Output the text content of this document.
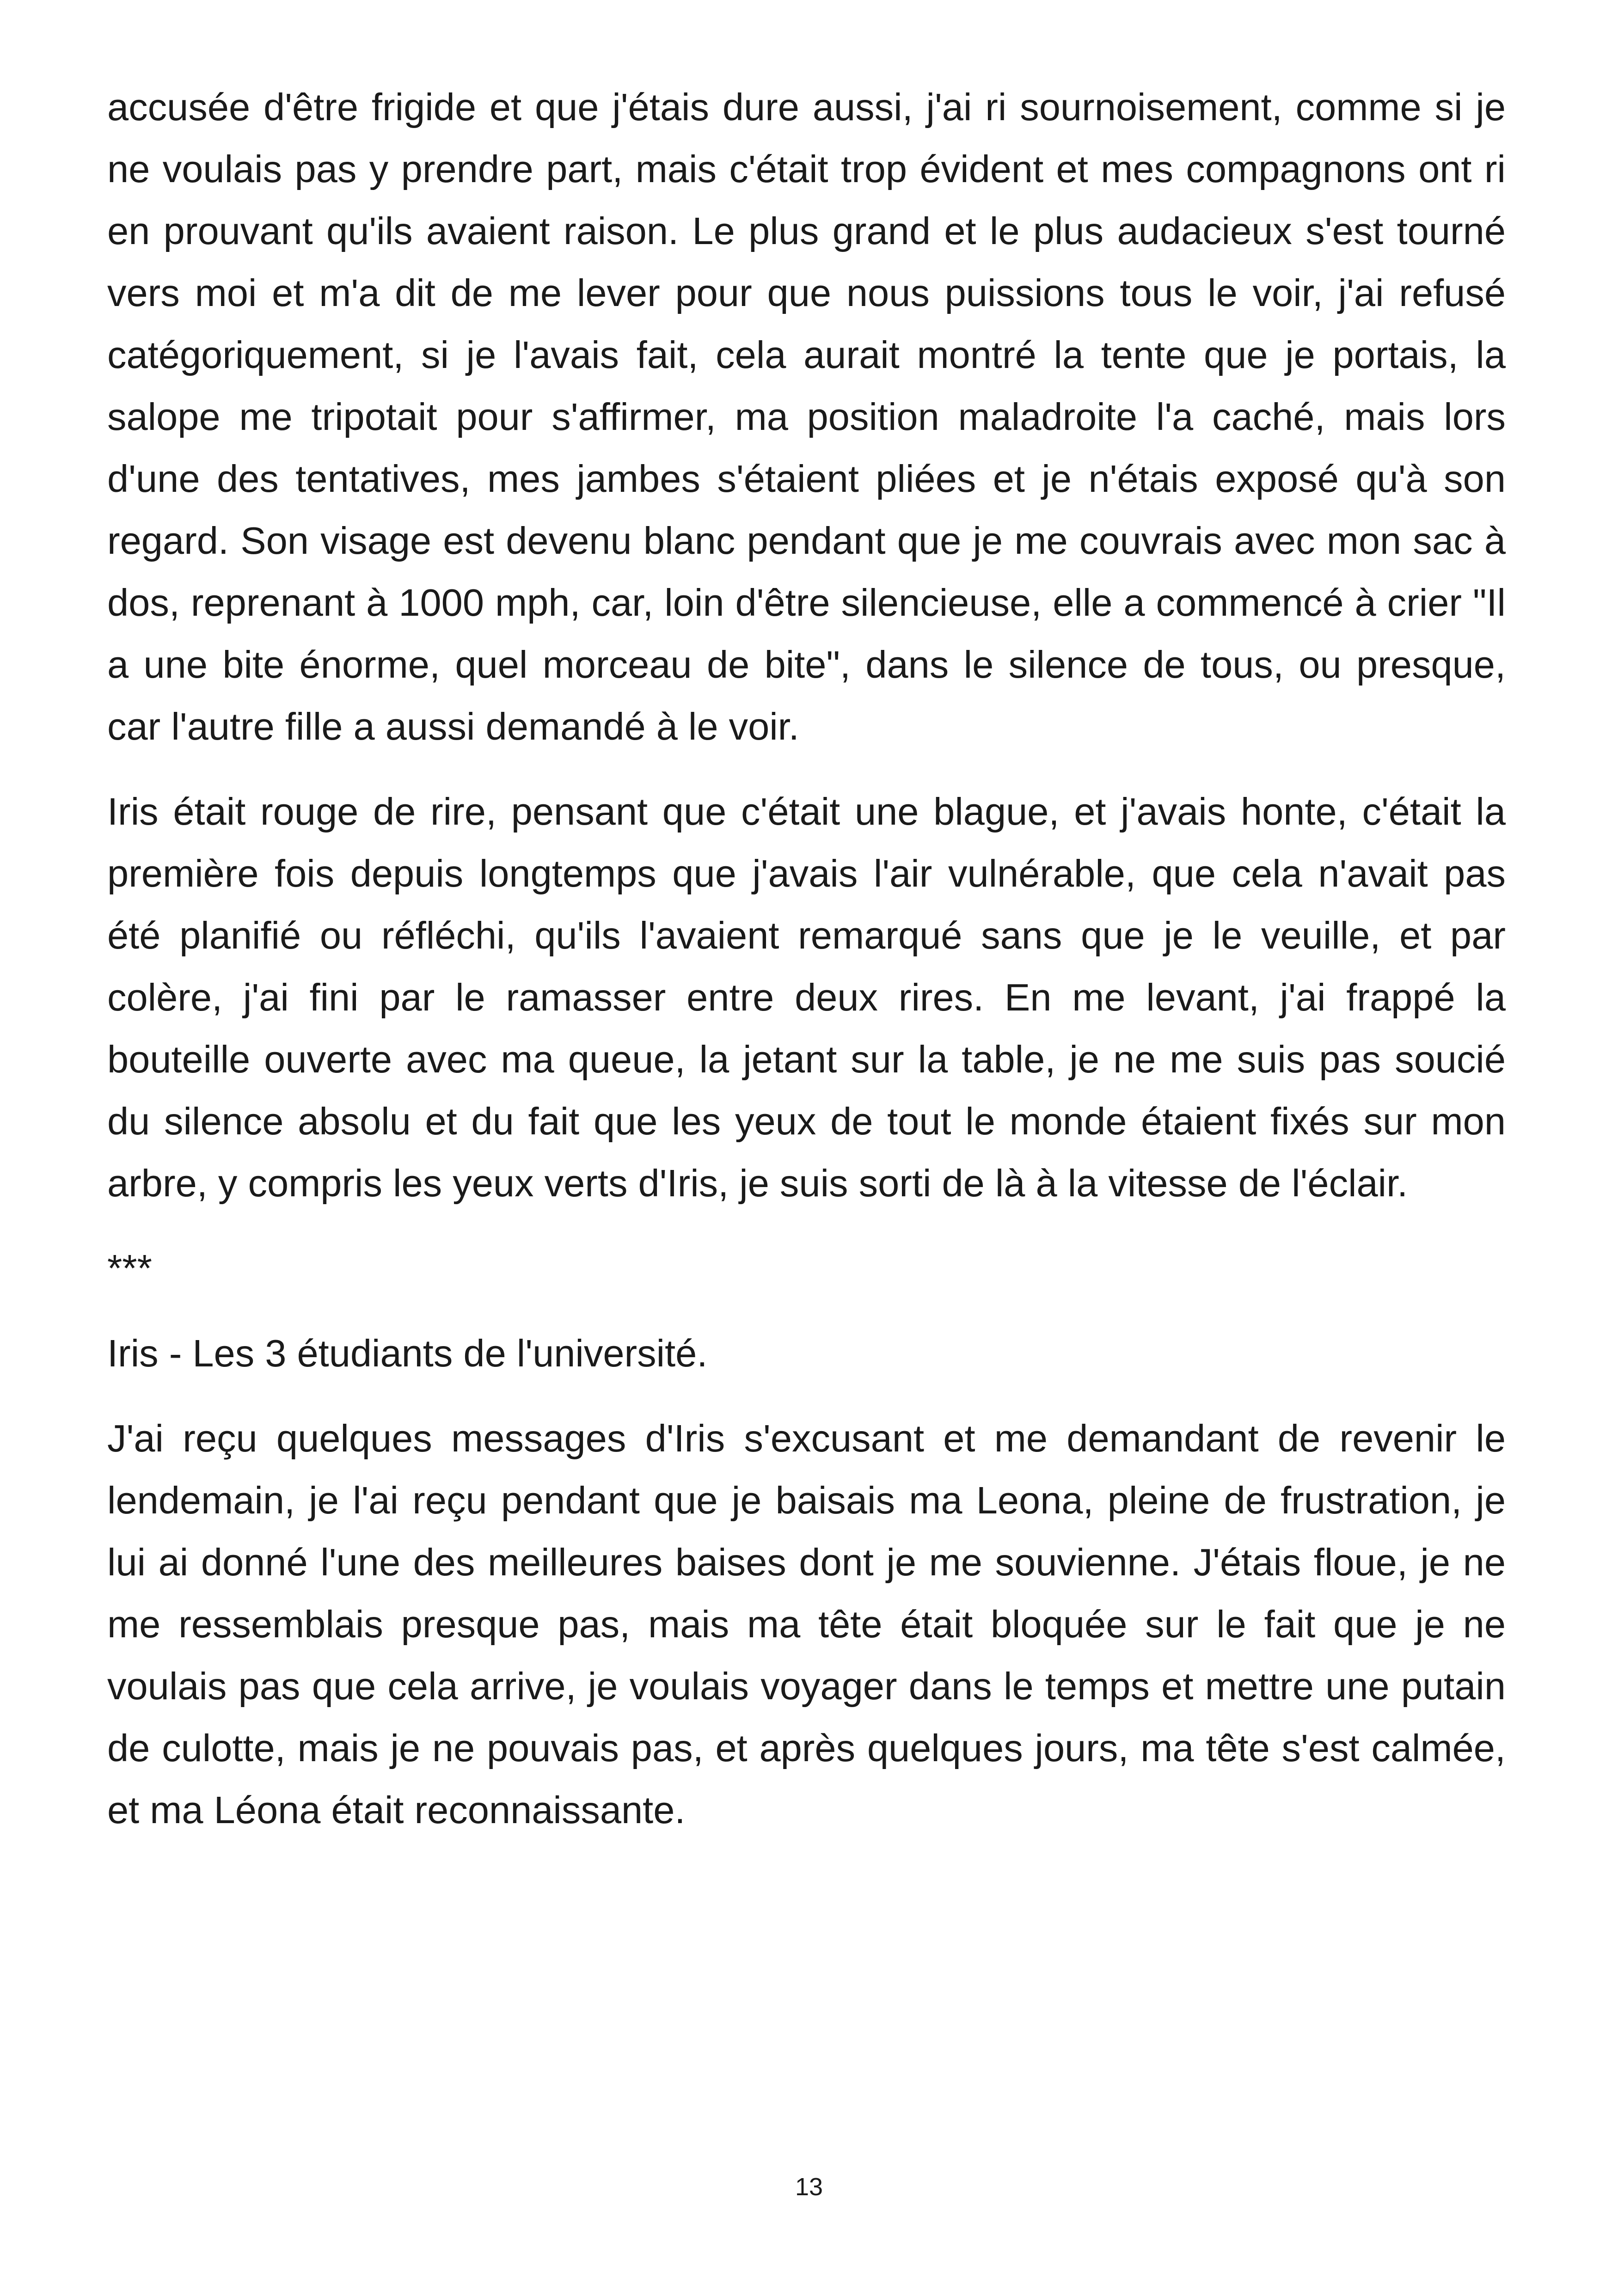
accusée d'être frigide et que j'étais dure aussi, j'ai ri sournoisement, comme si je ne voulais pas y prendre part, mais c'était trop évident et mes compagnons ont ri en prouvant qu'ils avaient raison. Le plus grand et le plus audacieux s'est tourné vers moi et m'a dit de me lever pour que nous puissions tous le voir, j'ai refusé catégoriquement, si je l'avais fait, cela aurait montré la tente que je portais, la salope me tripotait pour s'affirmer, ma position maladroite l'a caché, mais lors d'une des tentatives, mes jambes s'étaient pliées et je n'étais exposé qu'à son regard. Son visage est devenu blanc pendant que je me couvrais avec mon sac à dos, reprenant à 1000 mph, car, loin d'être silencieuse, elle a commencé à crier "Il a une bite énorme, quel morceau de bite", dans le silence de tous, ou presque, car l'autre fille a aussi demandé à le voir.

Iris était rouge de rire, pensant que c'était une blague, et j'avais honte, c'était la première fois depuis longtemps que j'avais l'air vulnérable, que cela n'avait pas été planifié ou réfléchi, qu'ils l'avaient remarqué sans que je le veuille, et par colère, j'ai fini par le ramasser entre deux rires. En me levant, j'ai frappé la bouteille ouverte avec ma queue, la jetant sur la table, je ne me suis pas soucié du silence absolu et du fait que les yeux de tout le monde étaient fixés sur mon arbre, y compris les yeux verts d'Iris, je suis sorti de là à la vitesse de l'éclair.

***

Iris - Les 3 étudiants de l'université.

J'ai reçu quelques messages d'Iris s'excusant et me demandant de revenir le lendemain, je l'ai reçu pendant que je baisais ma Leona, pleine de frustration, je lui ai donné l'une des meilleures baises dont je me souvienne. J'étais floue, je ne me ressemblais presque pas, mais ma tête était bloquée sur le fait que je ne voulais pas que cela arrive, je voulais voyager dans le temps et mettre une putain de culotte, mais je ne pouvais pas, et après quelques jours, ma tête s'est calmée, et ma Léona était reconnaissante.

13
